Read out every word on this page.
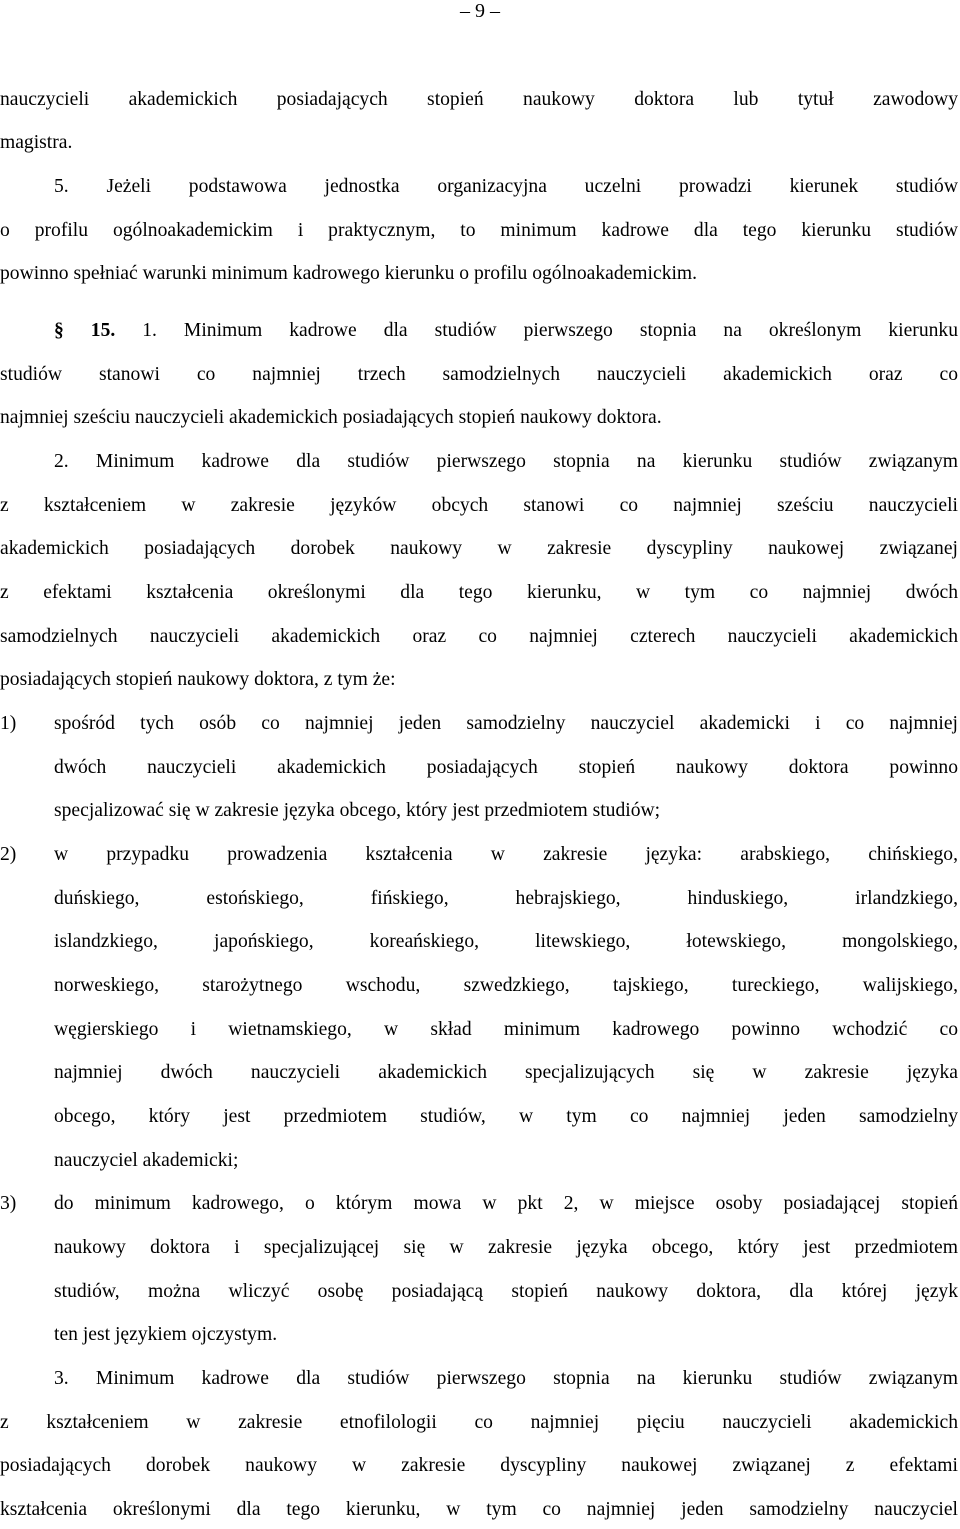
– 9 –
nauczycieli akademickich posiadających stopień naukowy doktora lub tytuł zawodowy
magistra.
5. Jeżeli podstawowa jednostka organizacyjna uczelni prowadzi kierunek studiów
o profilu ogólnoakademickim i praktycznym, to minimum kadrowe dla tego kierunku studiów
powinno spełniać warunki minimum kadrowego kierunku o profilu ogólnoakademickim.
§ 15. 1. Minimum kadrowe dla studiów pierwszego stopnia na określonym kierunku
studiów stanowi co najmniej trzech samodzielnych nauczycieli akademickich oraz co
najmniej sześciu nauczycieli akademickich posiadających stopień naukowy doktora.
2. Minimum kadrowe dla studiów pierwszego stopnia na kierunku studiów związanym
z kształceniem w zakresie języków obcych stanowi co najmniej sześciu nauczycieli
akademickich posiadających dorobek naukowy w zakresie dyscypliny naukowej związanej
z efektami kształcenia określonymi dla tego kierunku, w tym co najmniej dwóch
samodzielnych nauczycieli akademickich oraz co najmniej czterech nauczycieli akademickich
posiadających stopień naukowy doktora, z tym że:
1) spośród tych osób co najmniej jeden samodzielny nauczyciel akademicki i co najmniej
dwóch nauczycieli akademickich posiadających stopień naukowy doktora powinno
specjalizować się w zakresie języka obcego, który jest przedmiotem studiów;
2) w przypadku prowadzenia kształcenia w zakresie języka: arabskiego, chińskiego,
duńskiego, estońskiego, fińskiego, hebrajskiego, hinduskiego, irlandzkiego,
islandzkiego, japońskiego, koreańskiego, litewskiego, łotewskiego, mongolskiego,
norweskiego, starożytnego wschodu, szwedzkiego, tajskiego, tureckiego, walijskiego,
węgierskiego i wietnamskiego, w skład minimum kadrowego powinno wchodzić co
najmniej dwóch nauczycieli akademickich specjalizujących się w zakresie języka
obcego, który jest przedmiotem studiów, w tym co najmniej jeden samodzielny
nauczyciel akademicki;
3) do minimum kadrowego, o którym mowa w pkt 2, w miejsce osoby posiadającej stopień
naukowy doktora i specjalizującej się w zakresie języka obcego, który jest przedmiotem
studiów, można wliczyć osobę posiadającą stopień naukowy doktora, dla której język
ten jest językiem ojczystym.
3. Minimum kadrowe dla studiów pierwszego stopnia na kierunku studiów związanym
z kształceniem w zakresie etnofilologii co najmniej pięciu nauczycieli akademickich
posiadających dorobek naukowy w zakresie dyscypliny naukowej związanej z efektami
kształcenia określonymi dla tego kierunku, w tym co najmniej jeden samodzielny nauczyciel
